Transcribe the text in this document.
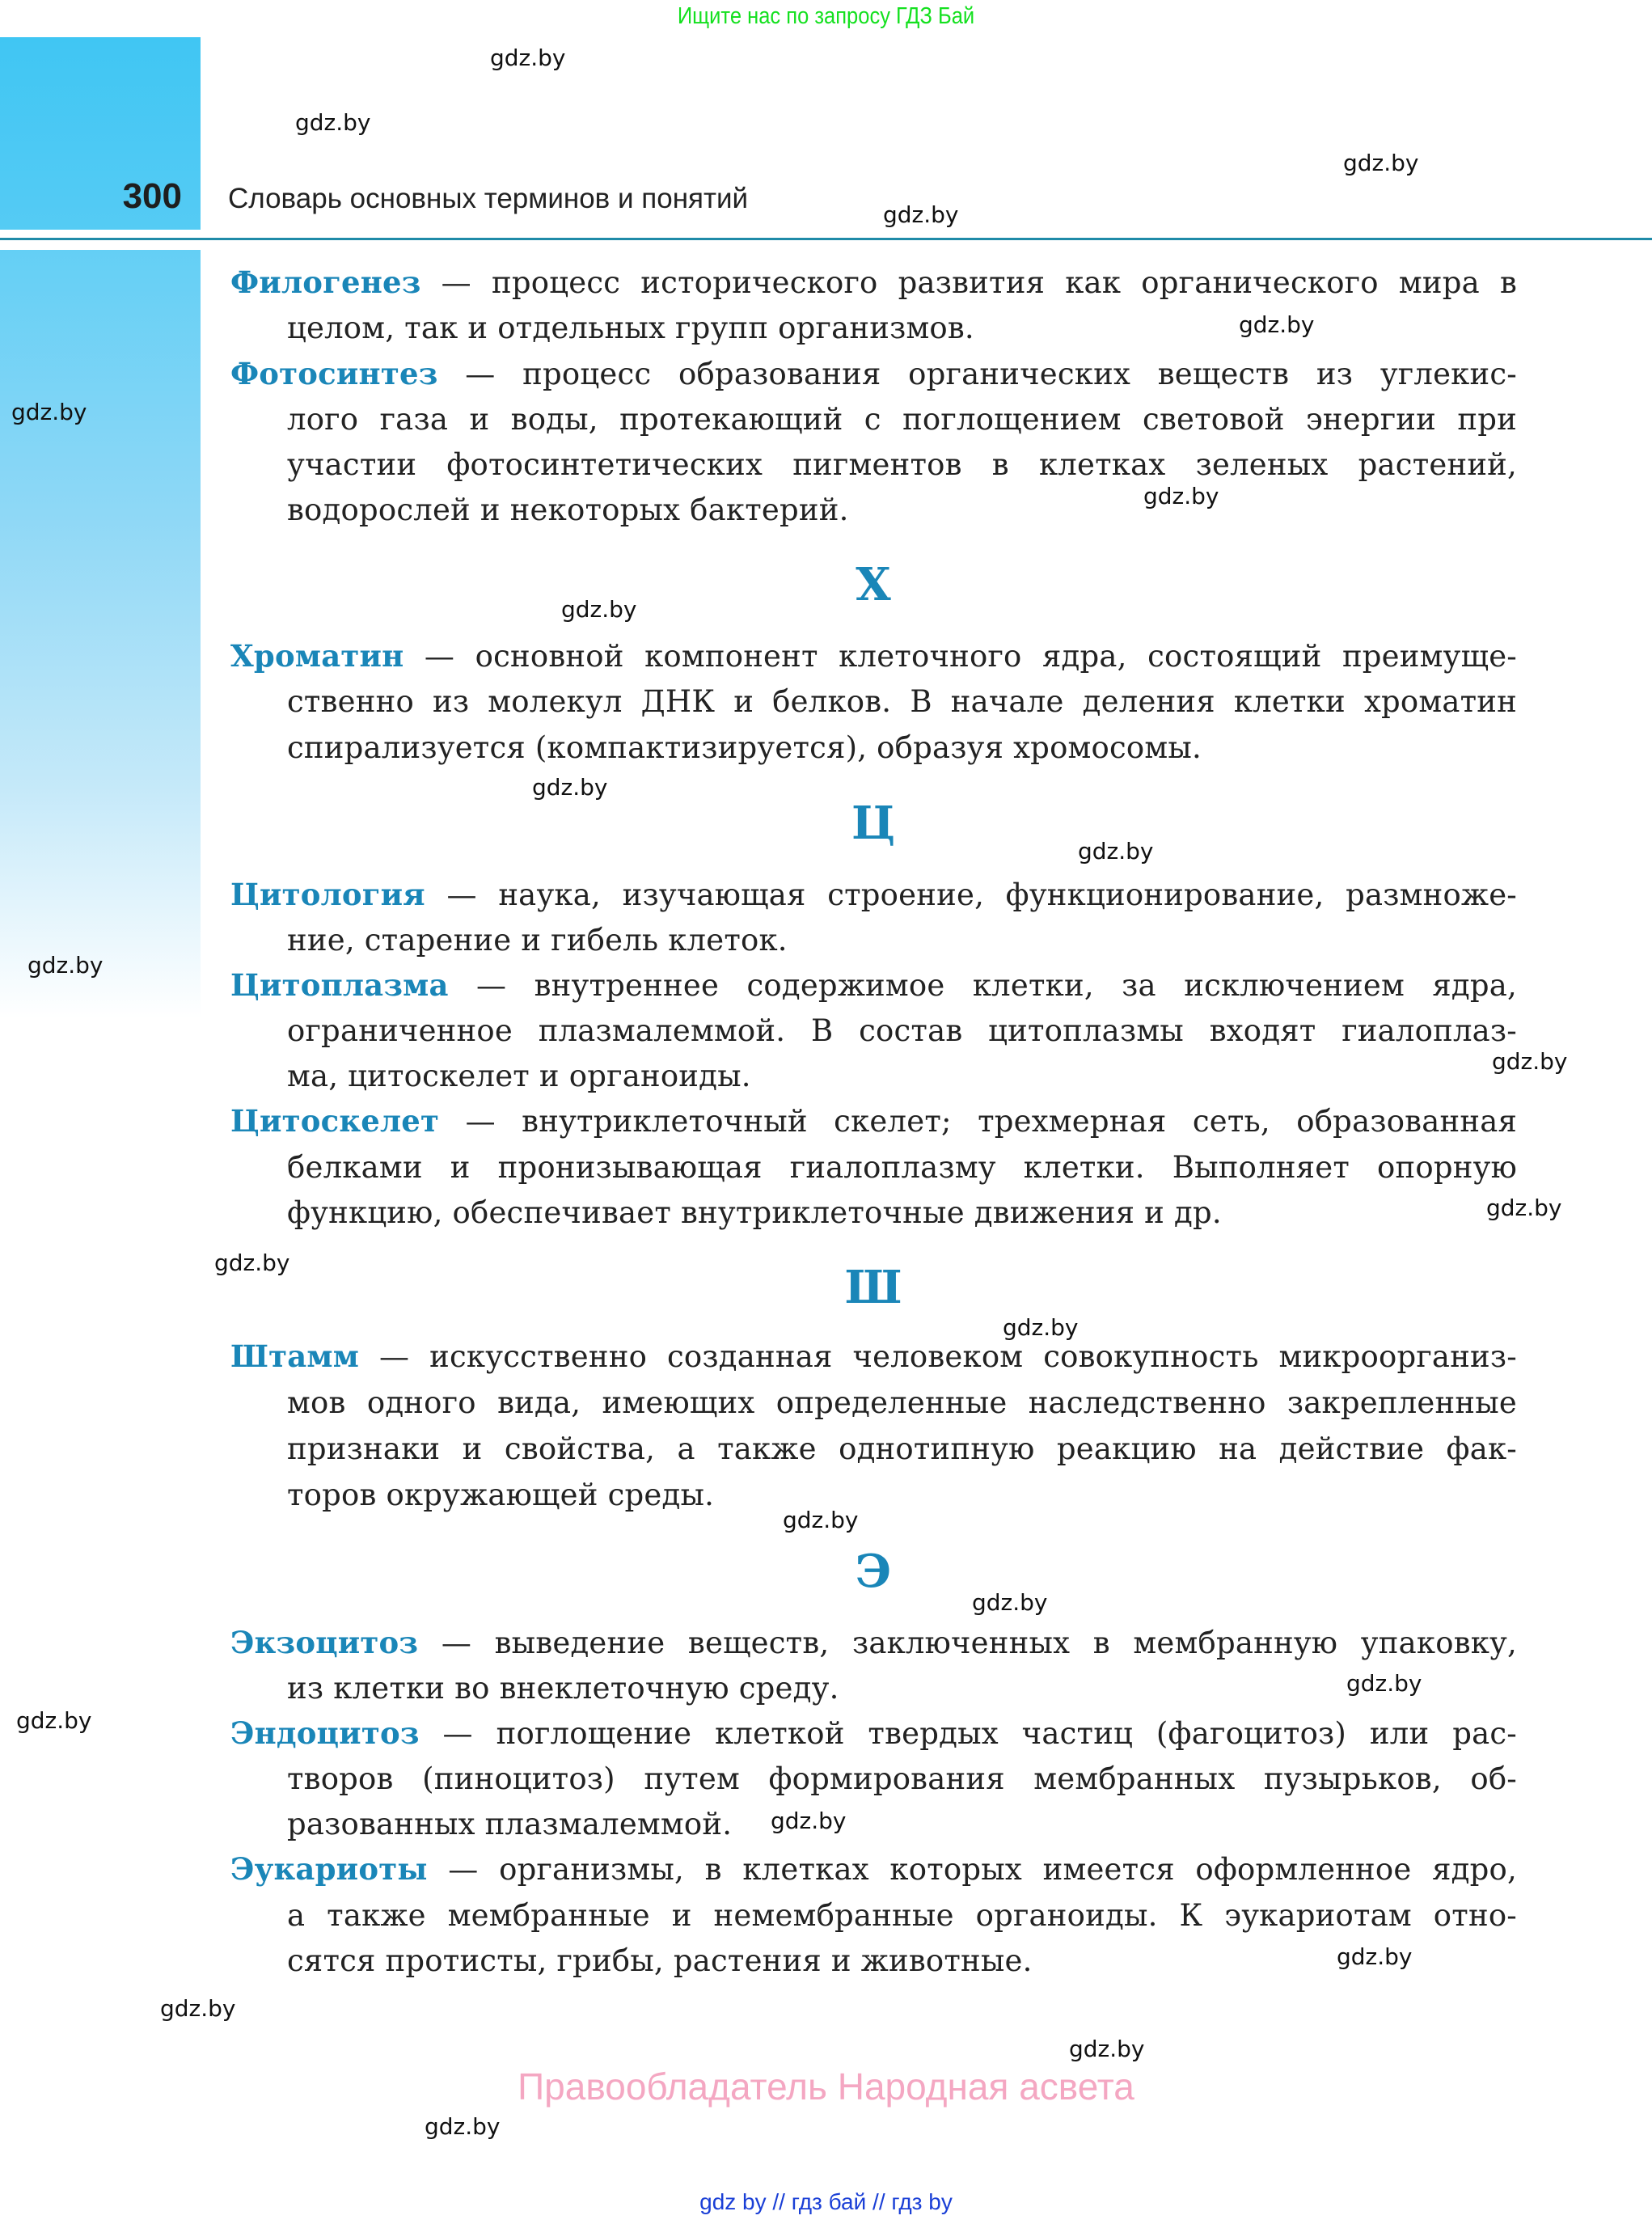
Ищите нас по запросу ГДЗ Бай
300 Словарь основных терминов и понятий
Филогенез — процесс исторического развития как органического мира в
целом, так и отдельных групп организмов.
Фотосинтез — процесс образования органических веществ из углекис-
лого газа и воды, протекающий с поглощением световой энергии при
участии фотосинтетических пигментов в клетках зеленых растений,
водорослей и некоторых бактерий.
Х
Хроматин — основной компонент клеточного ядра, состоящий преимуще-
ственно из молекул ДНК и белков. В начале деления клетки хроматин
спирализуется (компактизируется), образуя хромосомы.
Ц
Цитология — наука, изучающая строение, функционирование, размноже-
ние, старение и гибель клеток.
Цитоплазма — внутреннее содержимое клетки, за исключением ядра,
ограниченное плазмалеммой. В состав цитоплазмы входят гиалоплаз-
ма, цитоскелет и органоиды.
Цитоскелет — внутриклеточный скелет; трехмерная сеть, образованная
белками и пронизывающая гиалоплазму клетки. Выполняет опорную
функцию, обеспечивает внутриклеточные движения и др.
Ш
Штамм — искусственно созданная человеком совокупность микроорганиз-
мов одного вида, имеющих определенные наследственно закрепленные
признаки и свойства, а также однотипную реакцию на действие фак-
торов окружающей среды.
Э
Экзоцитоз — выведение веществ, заключенных в мембранную упаковку,
из клетки во внеклеточную среду.
Эндоцитоз — поглощение клеткой твердых частиц (фагоцитоз) или рас-
творов (пиноцитоз) путем формирования мембранных пузырьков, об-
разованных плазмалеммой.
Эукариоты — организмы, в клетках которых имеется оформленное ядро,
а также мембранные и немембранные органоиды. К эукариотам отно-
сятся протисты, грибы, растения и животные.
gdz.by
gdz.by
gdz.by
gdz.by
gdz.by
gdz.by
gdz.by
gdz.by
gdz.by
gdz.by
gdz.by
gdz.by
gdz.by
gdz.by
gdz.by
gdz.by
gdz.by
gdz.by
gdz.by
gdz.by
gdz.by
gdz.by
gdz.by
gdz.by
Правообладатель Народная асвета
gdz by // гдз бай // гдз by
